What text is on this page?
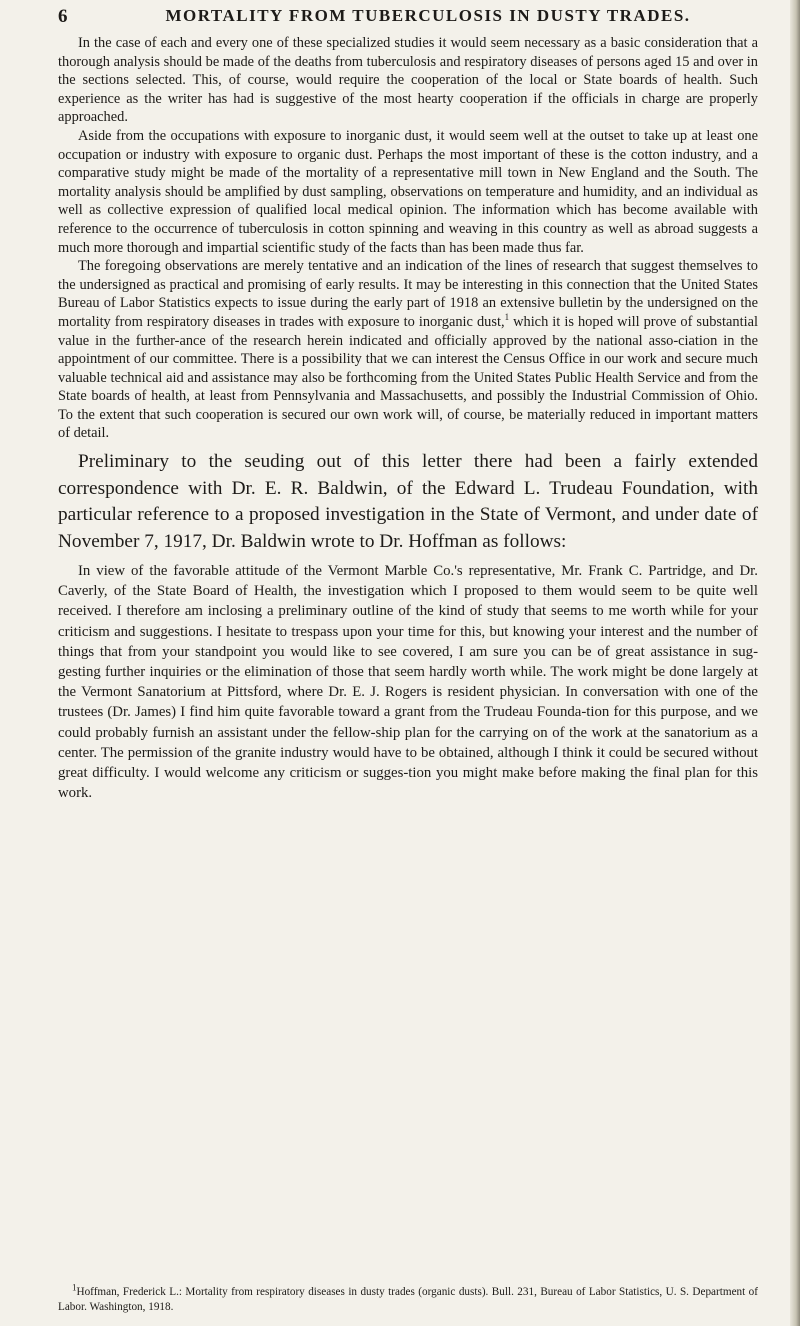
6	MORTALITY FROM TUBERCULOSIS IN DUSTY TRADES.

In the case of each and every one of these specialized studies it would seem necessary as a basic consideration that a thorough analysis should be made of the deaths from tuberculosis and respiratory diseases of persons aged 15 and over in the sections selected. This, of course, would require the cooperation of the local or State boards of health. Such experience as the writer has had is suggestive of the most hearty cooperation if the officials in charge are properly approached.

Aside from the occupations with exposure to inorganic dust, it would seem well at the outset to take up at least one occupation or industry with exposure to organic dust. Perhaps the most important of these is the cotton industry, and a comparative study might be made of the mortality of a representative mill town in New England and the South. The mortality analysis should be amplified by dust sampling, observations on temperature and humidity, and an individual as well as collective expression of qualified local medical opinion. The information which has become available with reference to the occurrence of tuberculosis in cotton spinning and weaving in this country as well as abroad suggests a much more thorough and impartial scientific study of the facts than has been made thus far.

The foregoing observations are merely tentative and an indication of the lines of research that suggest themselves to the undersigned as practical and promising of early results. It may be interesting in this connection that the United States Bureau of Labor Statistics expects to issue during the early part of 1918 an extensive bulletin by the undersigned on the mortality from respiratory diseases in trades with exposure to inorganic dust,$^1$ which it is hoped will prove of substantial value in the further-ance of the research herein indicated and officially approved by the national asso-ciation in the appointment of our committee. There is a possibility that we can interest the Census Office in our work and secure much valuable technical aid and assistance may also be forthcoming from the United States Public Health Service and from the State boards of health, at least from Pennsylvania and Massachusetts, and possibly the Industrial Commission of Ohio. To the extent that such cooperation is secured our own work will, of course, be materially reduced in important matters of detail.

Preliminary to the seuding out of this letter there had been a fairly extended correspondence with Dr. E. R. Baldwin, of the Edward L. Trudeau Foundation, with particular reference to a proposed investigation in the State of Vermont, and under date of November 7, 1917, Dr. Baldwin wrote to Dr. Hoffman as follows:

In view of the favorable attitude of the Vermont Marble Co.'s representative, Mr. Frank C. Partridge, and Dr. Caverly, of the State Board of Health, the investigation which I proposed to them would seem to be quite well received. I therefore am inclosing a preliminary outline of the kind of study that seems to me worth while for your criticism and suggestions. I hesitate to trespass upon your time for this, but knowing your interest and the number of things that from your standpoint you would like to see covered, I am sure you can be of great assistance in sug-gesting further inquiries or the elimination of those that seem hardly worth while. The work might be done largely at the Vermont Sanatorium at Pittsford, where Dr. E. J. Rogers is resident physician. In conversation with one of the trustees (Dr. James) I find him quite favorable toward a grant from the Trudeau Founda-tion for this purpose, and we could probably furnish an assistant under the fellow-ship plan for the carrying on of the work at the sanatorium as a center. The permission of the granite industry would have to be obtained, although I think it could be secured without great difficulty. I would welcome any criticism or sugges-tion you might make before making the final plan for this work.

$^1$Hoffman, Frederick L.: Mortality from respiratory diseases in dusty trades (organic dusts). Bull. 231, Bureau of Labor Statistics, U. S. Department of Labor. Washington, 1918.
